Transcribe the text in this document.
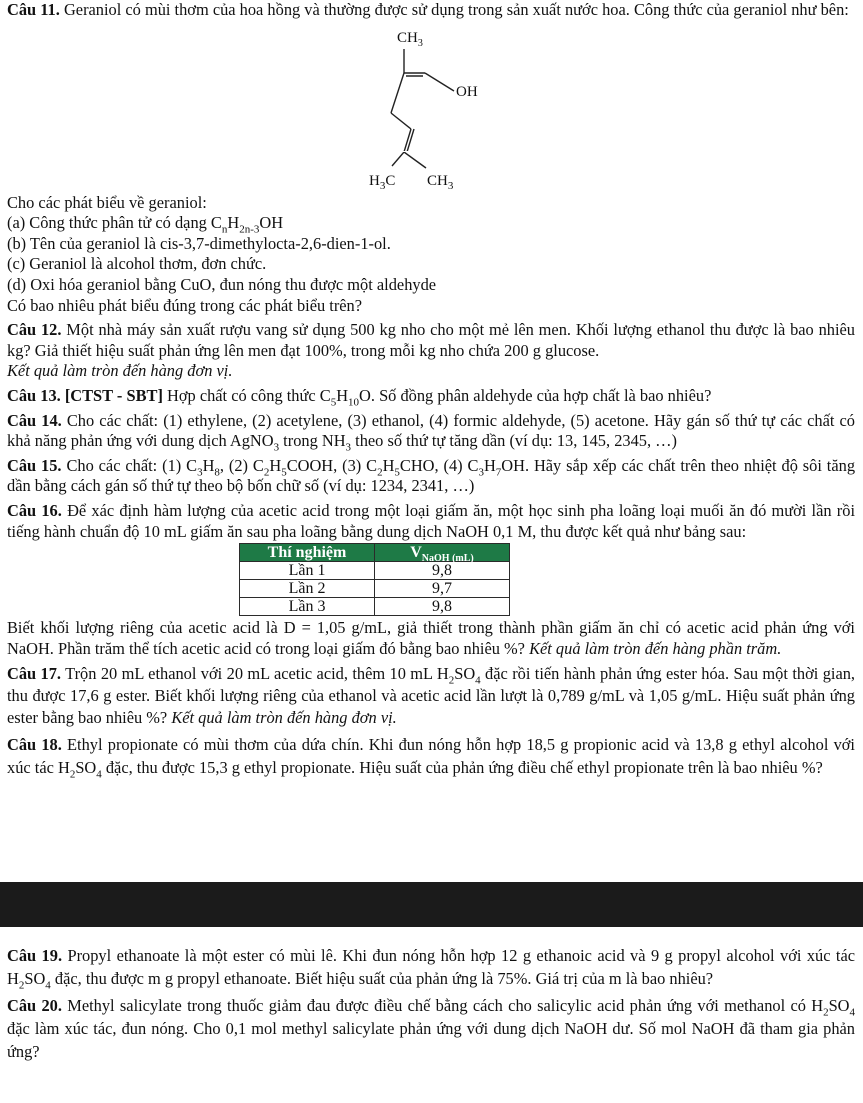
Câu 11. Geraniol có mùi thơm của hoa hồng và thường được sử dụng trong sản xuất nước hoa. Công thức của geraniol như bên:

$CH_3$
OH
$H_3C$ $CH_3$

Cho các phát biểu về geraniol:

(a) Công thức phân tử có dạng $C_nH_{2n-3}OH$

(b) Tên của geraniol là cis-3,7-dimethylocta-2,6-dien-1-ol.

(c) Geraniol là alcohol thơm, đơn chức.

(d) Oxi hóa geraniol bằng CuO, đun nóng thu được một aldehyde

Có bao nhiêu phát biểu đúng trong các phát biểu trên?

Câu 12. Một nhà máy sản xuất rượu vang sử dụng 500 kg nho cho một mẻ lên men. Khối lượng ethanol thu được là bao nhiêu kg? Giả thiết hiệu suất phản ứng lên men đạt 100%, trong mỗi kg nho chứa 200 g glucose.
Kết quả làm tròn đến hàng đơn vị.

Câu 13. [CTST - SBT] Hợp chất có công thức $C_5H_{10}O$. Số đồng phân aldehyde của hợp chất là bao nhiêu?

Câu 14. Cho các chất: (1) ethylene, (2) acetylene, (3) ethanol, (4) formic aldehyde, (5) acetone. Hãy gán số thứ tự các chất có khả năng phản ứng với dung dịch AgNO$_3$ trong $NH_3$ theo số thứ tự tăng dần (ví dụ: 13, 145, 2345, …)

Câu 15. Cho các chất: (1) $C_3H_8$, (2) $C_2H_5COOH$, (3) $C_2H_5CHO$, (4) $C_3H_7OH$. Hãy sắp xếp các chất trên theo nhiệt độ sôi tăng dần bằng cách gán số thứ tự theo bộ bốn chữ số (ví dụ: 1234, 2341, …)

Câu 16. Để xác định hàm lượng của acetic acid trong một loại giấm ăn, một học sinh pha loãng loại muối ăn đó mười lần rồi tiếng hành chuẩn độ 10 mL giấm ăn sau pha loãng bằng dung dịch NaOH 0,1 M, thu được kết quả như bảng sau:

Thí nghiệm	$V_{NaOH (mL)}$
Lần 1	9,8
Lần 2	9,7
Lần 3	9,8

Biết khối lượng riêng của acetic acid là D = 1,05 g/mL, giả thiết trong thành phần giấm ăn chỉ có acetic acid phản ứng với NaOH. Phần trăm thể tích acetic acid có trong loại giấm đó bằng bao nhiêu %? Kết quả làm tròn đến hàng phần trăm.

Câu 17. Trộn 20 mL ethanol với 20 mL acetic acid, thêm 10 mL $H_2SO_4$ đặc rồi tiến hành phản ứng ester hóa. Sau một thời gian, thu được 17,6 g ester. Biết khối lượng riêng của ethanol và acetic acid lần lượt là 0,789 g/mL và 1,05 g/mL. Hiệu suất phản ứng ester bằng bao nhiêu %? Kết quả làm tròn đến hàng đơn vị.

Câu 18. Ethyl propionate có mùi thơm của dứa chín. Khi đun nóng hỗn hợp 18,5 g propionic acid và 13,8 g ethyl alcohol với xúc tác $H_2SO_4$ đặc, thu được 15,3 g ethyl propionate. Hiệu suất của phản ứng điều chế ethyl propionate trên là bao nhiêu %?

Câu 19. Propyl ethanoate là một ester có mùi lê. Khi đun nóng hỗn hợp 12 g ethanoic acid và 9 g propyl alcohol với xúc tác $H_2SO_4$ đặc, thu được m g propyl ethanoate. Biết hiệu suất của phản ứng là 75%. Giá trị của m là bao nhiêu?

Câu 20. Methyl salicylate trong thuốc giảm đau được điều chế bằng cách cho salicylic acid phản ứng với methanol có $H_2SO_4$ đặc làm xúc tác, đun nóng. Cho 0,1 mol methyl salicylate phản ứng với dung dịch NaOH dư. Số mol NaOH đã tham gia phản ứng?
